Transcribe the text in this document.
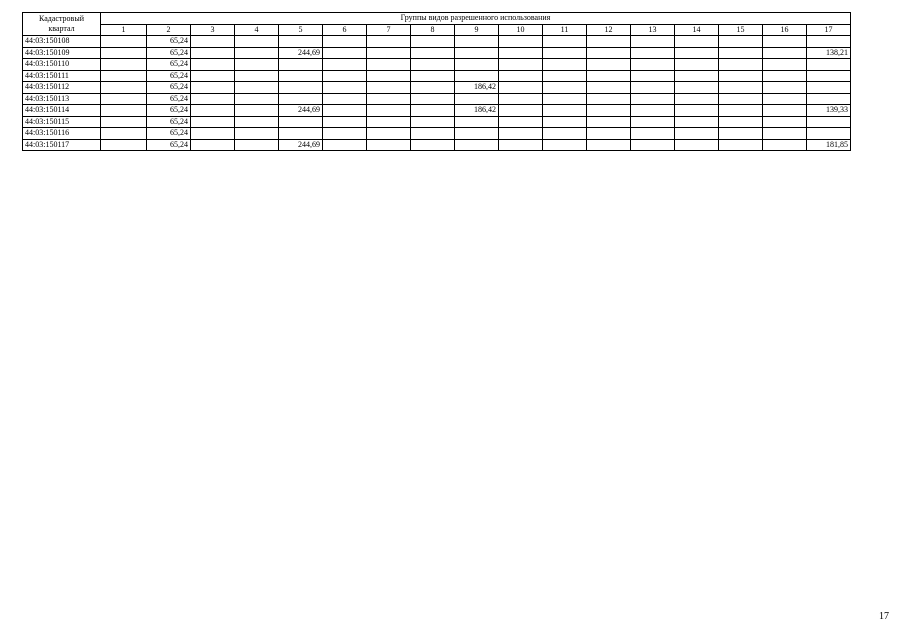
Кадастровый квартал	Группы видов разрешенного использования																
	1	2	3	4	5	6	7	8	9	10	11	12	13	14	15	16	17
44:03:150108		65,24															
44:03:150109		65,24			244,69												138,21
44:03:150110		65,24															
44:03:150111		65,24															
44:03:150112		65,24							186,42								
44:03:150113		65,24															
44:03:150114		65,24			244,69				186,42								139,33
44:03:150115		65,24															
44:03:150116		65,24															
44:03:150117		65,24			244,69												181,85
17
